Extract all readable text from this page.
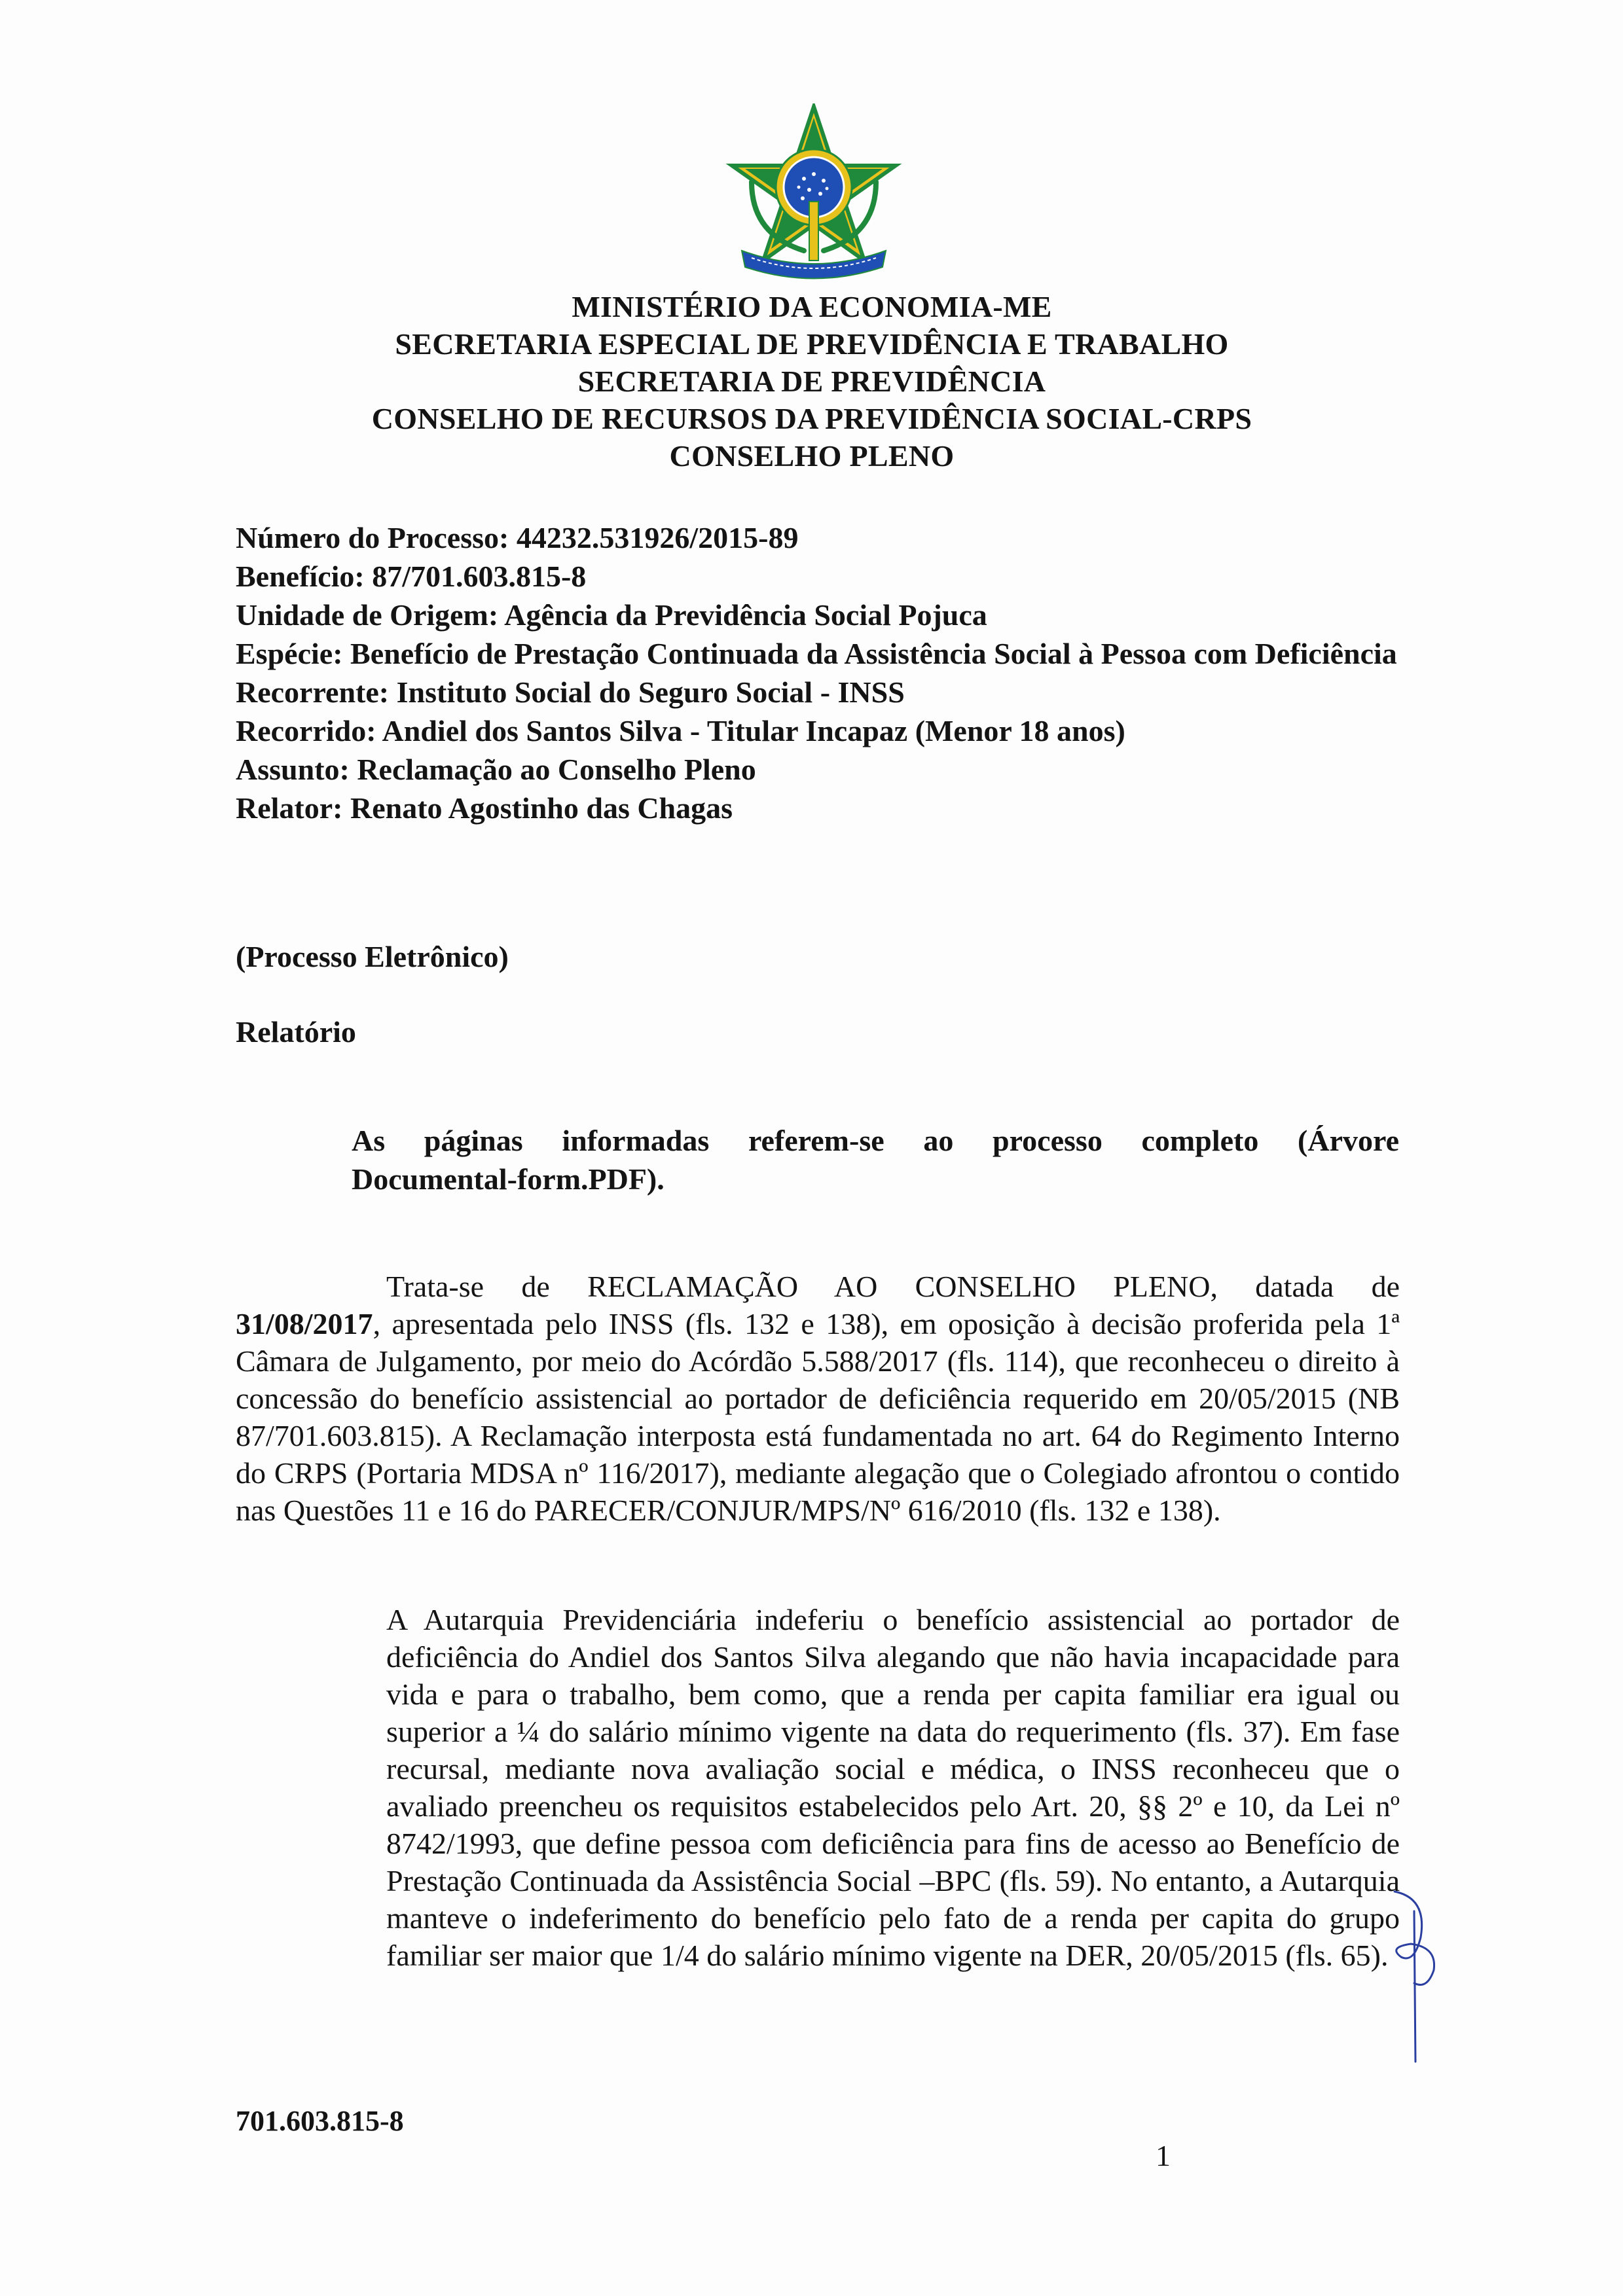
MINISTÉRIO DA ECONOMIA-ME
SECRETARIA ESPECIAL DE PREVIDÊNCIA E TRABALHO
SECRETARIA DE PREVIDÊNCIA
CONSELHO DE RECURSOS DA PREVIDÊNCIA SOCIAL-CRPS
CONSELHO PLENO
Número do Processo: 44232.531926/2015-89
Benefício: 87/701.603.815-8
Unidade de Origem: Agência da Previdência Social Pojuca
Espécie: Benefício de Prestação Continuada da Assistência Social à Pessoa com Deficiência
Recorrente: Instituto Social do Seguro Social - INSS
Recorrido: Andiel dos Santos Silva - Titular Incapaz (Menor 18 anos)
Assunto: Reclamação ao Conselho Pleno
Relator: Renato Agostinho das Chagas
(Processo Eletrônico)
Relatório
As páginas informadas referem-se ao processo completo (Árvore
Documental-form.PDF).
Trata-se de RECLAMAÇÃO AO CONSELHO PLENO, datada de
31/08/2017, apresentada pelo INSS (fls. 132 e 138), em oposição à decisão proferida pela 1ª Câmara de Julgamento, por meio do Acórdão 5.588/2017 (fls. 114), que reconheceu o direito à concessão do benefício assistencial ao portador de deficiência requerido em 20/05/2015 (NB 87/701.603.815). A Reclamação interposta está fundamentada no art. 64 do Regimento Interno do CRPS (Portaria MDSA nº 116/2017), mediante alegação que o Colegiado afrontou o contido nas Questões 11 e 16 do PARECER/CONJUR/MPS/Nº 616/2010 (fls. 132 e 138).
A Autarquia Previdenciária indeferiu o benefício assistencial ao portador de deficiência do Andiel dos Santos Silva alegando que não havia incapacidade para vida e para o trabalho, bem como, que a renda per capita familiar era igual ou superior a ¼ do salário mínimo vigente na data do requerimento (fls. 37). Em fase recursal, mediante nova avaliação social e médica, o INSS reconheceu que o avaliado preencheu os requisitos estabelecidos pelo Art. 20, §§ 2º e 10, da Lei nº 8742/1993, que define pessoa com deficiência para fins de acesso ao Benefício de Prestação Continuada da Assistência Social –BPC (fls. 59). No entanto, a Autarquia manteve o indeferimento do benefício pelo fato de a renda per capita do grupo familiar ser maior que 1/4 do salário mínimo vigente na DER, 20/05/2015 (fls. 65).
701.603.815-8
1
